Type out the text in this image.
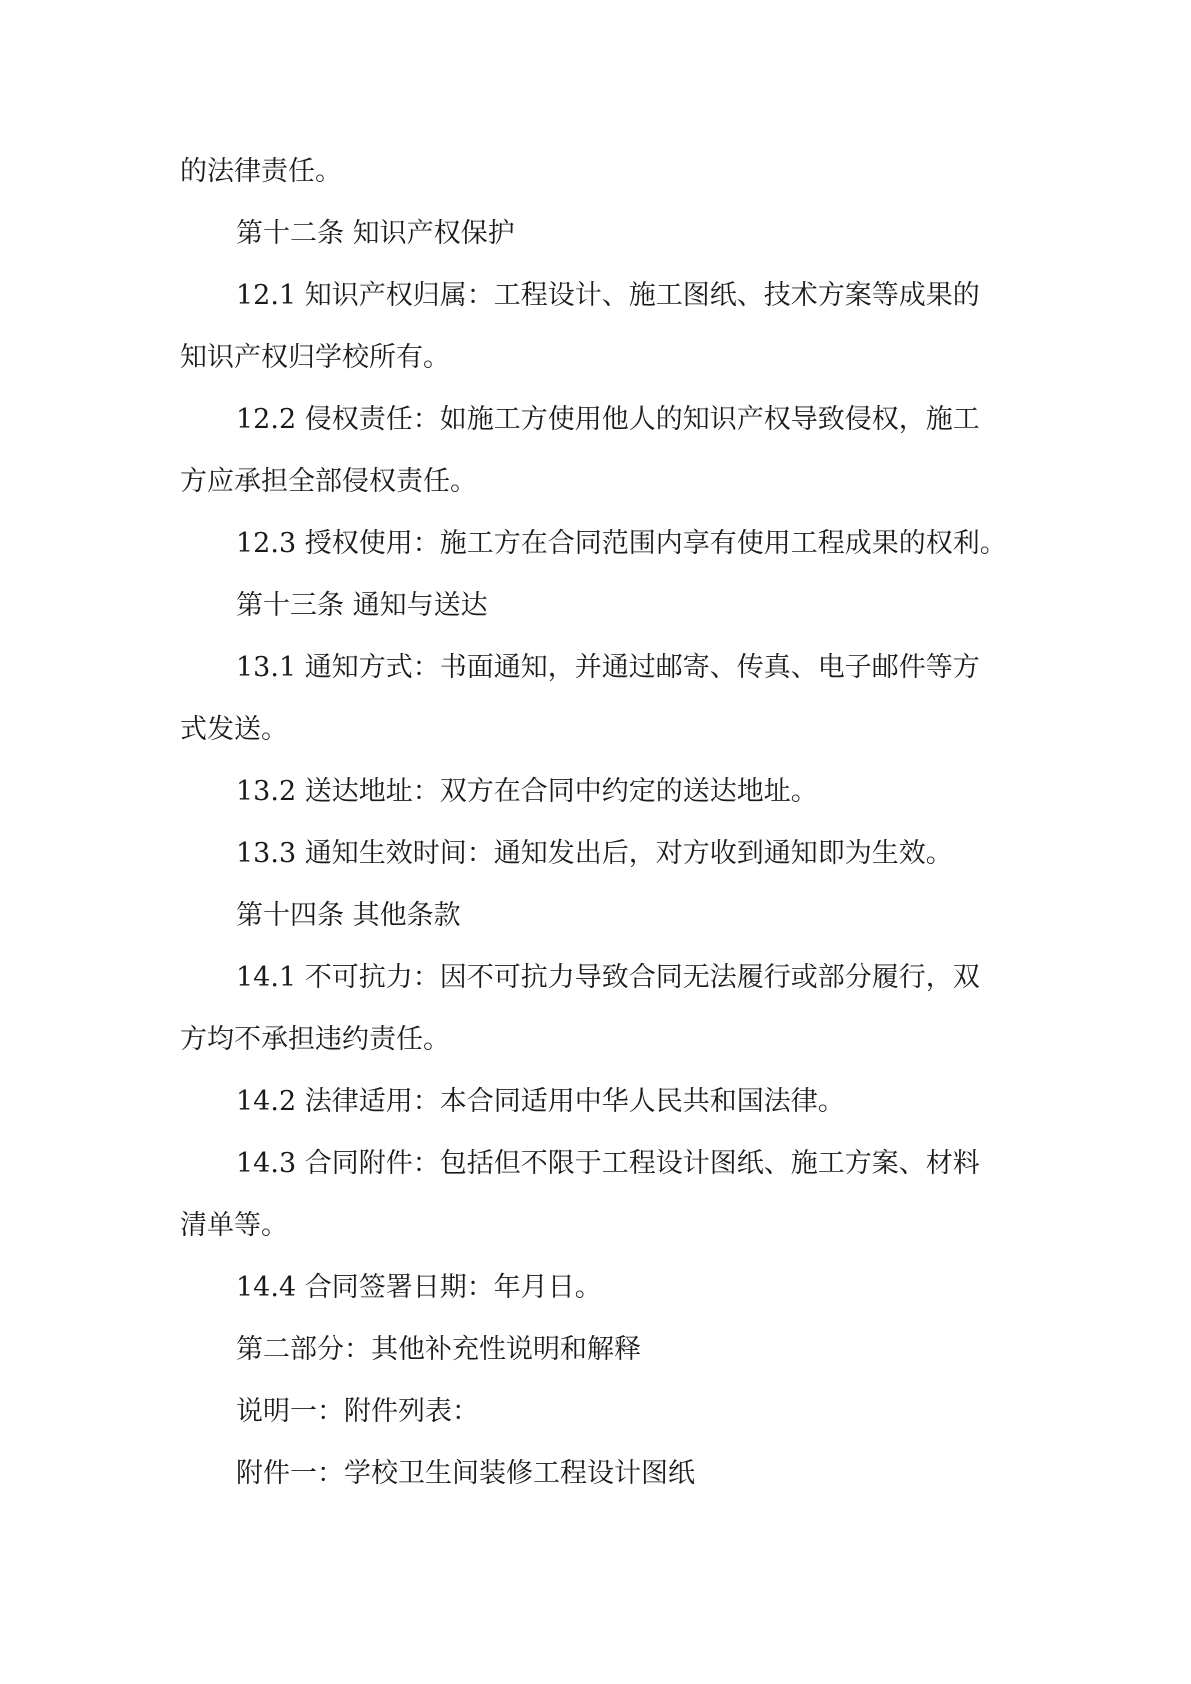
的法律责任。

第十二条 知识产权保护

12.1 知识产权归属：工程设计、施工图纸、技术方案等成果的

知识产权归学校所有。

12.2 侵权责任：如施工方使用他人的知识产权导致侵权，施工

方应承担全部侵权责任。

12.3 授权使用：施工方在合同范围内享有使用工程成果的权利。

第十三条 通知与送达

13.1 通知方式：书面通知，并通过邮寄、传真、电子邮件等方

式发送。

13.2 送达地址：双方在合同中约定的送达地址。

13.3 通知生效时间：通知发出后，对方收到通知即为生效。

第十四条 其他条款

14.1 不可抗力：因不可抗力导致合同无法履行或部分履行，双

方均不承担违约责任。

14.2 法律适用：本合同适用中华人民共和国法律。

14.3 合同附件：包括但不限于工程设计图纸、施工方案、材料

清单等。

14.4 合同签署日期：年月日。

第二部分：其他补充性说明和解释

说明一：附件列表：

附件一：学校卫生间装修工程设计图纸
